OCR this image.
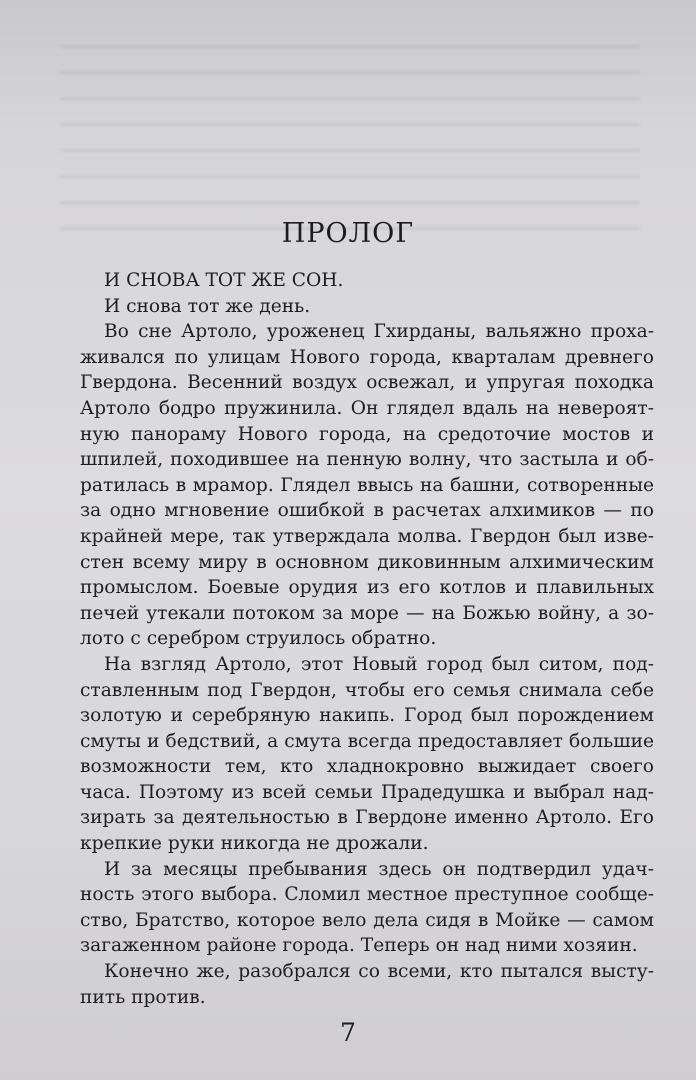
ПРОЛОГ
И СНОВА ТОТ ЖЕ СОН.
И снова тот же день.
Во сне Артоло, уроженец Гхирданы, вальяжно проха-
живался по улицам Нового города, кварталам древнего
Гвердона. Весенний воздух освежал, и упругая походка
Артоло бодро пружинила. Он глядел вдаль на невероят-
ную панораму Нового города, на средоточие мостов и
шпилей, походившее на пенную волну, что застыла и об-
ратилась в мрамор. Глядел ввысь на башни, сотворенные
за одно мгновение ошибкой в расчетах алхимиков — по
крайней мере, так утверждала молва. Гвердон был изве-
стен всему миру в основном диковинным алхимическим
промыслом. Боевые орудия из его котлов и плавильных
печей утекали потоком за море — на Божью войну, а зо-
лото с серебром струилось обратно.
На взгляд Артоло, этот Новый город был ситом, под-
ставленным под Гвердон, чтобы его семья снимала себе
золотую и серебряную накипь. Город был порождением
смуты и бедствий, а смута всегда предоставляет большие
возможности тем, кто хладнокровно выжидает своего
часа. Поэтому из всей семьи Прадедушка и выбрал над-
зирать за деятельностью в Гвердоне именно Артоло. Его
крепкие руки никогда не дрожали.
И за месяцы пребывания здесь он подтвердил удач-
ность этого выбора. Сломил местное преступное сообще-
ство, Братство, которое вело дела сидя в Мойке — самом
загаженном районе города. Теперь он над ними хозяин.
Конечно же, разобрался со всеми, кто пытался высту-
пить против.
7
